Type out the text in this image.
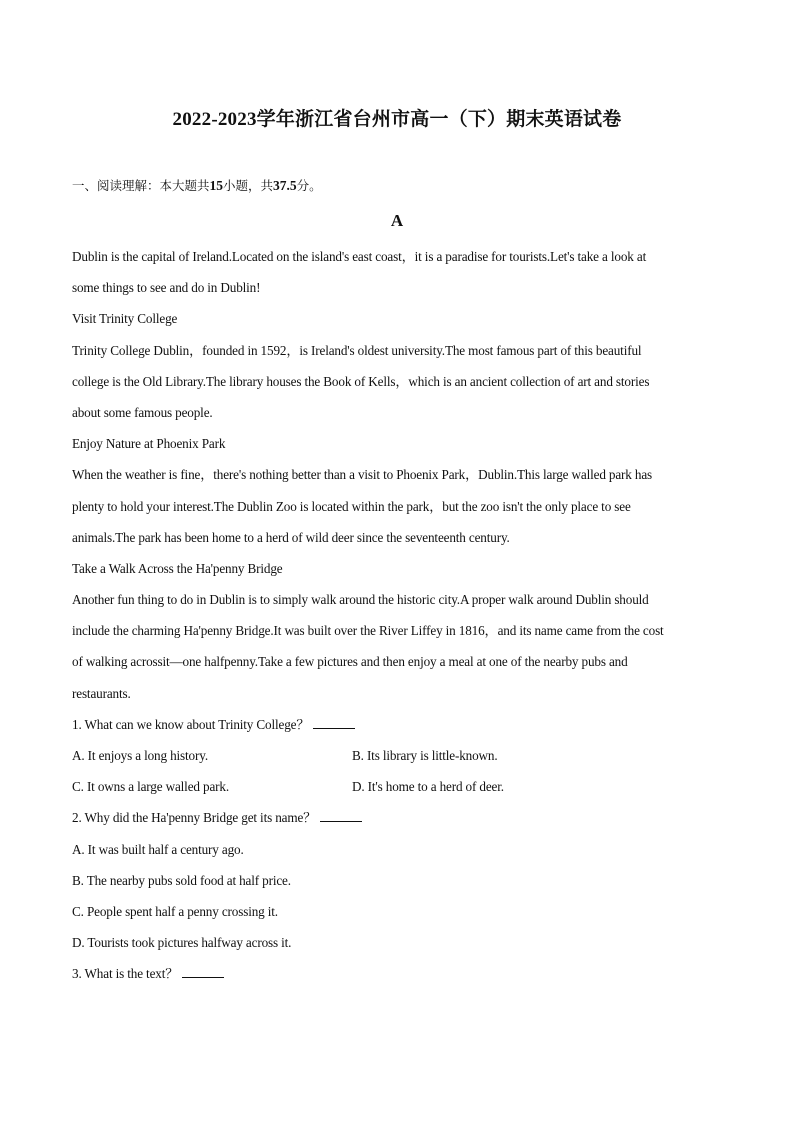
2022-2023学年浙江省台州市高一（下）期末英语试卷
一、阅读理解：本大题共15小题，共37.5分。
A
Dublin is the capital of Ireland.Located on the island's east coast，it is a paradise for tourists.Let's take a look at
some things to see and do in Dublin!
Visit Trinity College
Trinity College Dublin，founded in 1592，is Ireland's oldest university.The most famous part of this beautiful
college is the Old Library.The library houses the Book of Kells，which is an ancient collection of art and stories
about some famous people.
Enjoy Nature at Phoenix Park
When the weather is fine，there's nothing better than a visit to Phoenix Park，Dublin.This large walled park has
plenty to hold your interest.The Dublin Zoo is located within the park，but the zoo isn't the only place to see
animals.The park has been home to a herd of wild deer since the seventeenth century.
Take a Walk Across the Ha'penny Bridge
Another fun thing to do in Dublin is to simply walk around the historic city.A proper walk around Dublin should
include the charming Ha'penny Bridge.It was built over the River Liffey in 1816，and its name came from the cost
of walking acrossit—one halfpenny.Take a few pictures and then enjoy a meal at one of the nearby pubs and
restaurants.
1. What can we know about Trinity College？
A. It enjoys a long history.	B. Its library is little-known.
C. It owns a large walled park.	D. It's home to a herd of deer.
2. Why did the Ha'penny Bridge get its name？
A. It was built half a century ago.
B. The nearby pubs sold food at half price.
C. People spent half a penny crossing it.
D. Tourists took pictures halfway across it.
3. What is the text？
